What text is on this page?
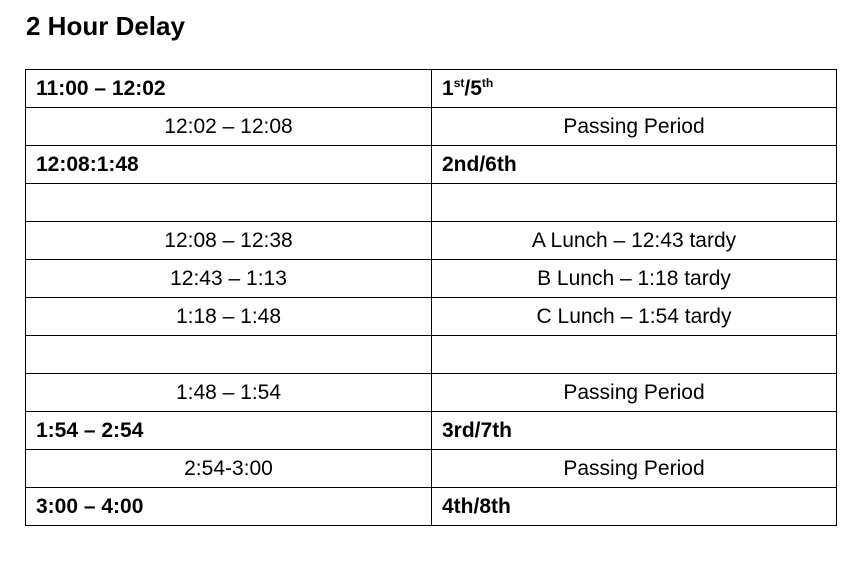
2 Hour Delay
11:00 – 12:02	1st/5th
12:02 – 12:08	Passing Period
12:08:1:48	2nd/6th

12:08 – 12:38	A Lunch – 12:43 tardy
12:43 – 1:13	B Lunch – 1:18 tardy
1:18 – 1:48	C Lunch – 1:54 tardy

1:48 – 1:54	Passing Period
1:54 – 2:54	3rd/7th
2:54-3:00	Passing Period
3:00 – 4:00	4th/8th
